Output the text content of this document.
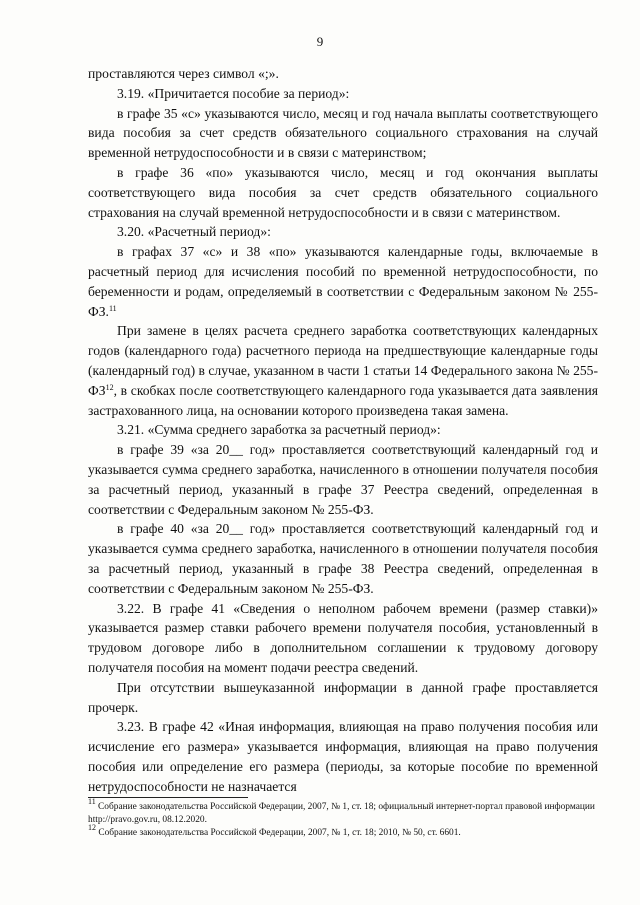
9

проставляются через символ «;».

3.19. «Причитается пособие за период»:

в графе 35 «с» указываются число, месяц и год начала выплаты соответствующего вида пособия за счет средств обязательного социального страхования на случай временной нетрудоспособности и в связи с материнством;

в графе 36 «по» указываются число, месяц и год окончания выплаты соответствующего вида пособия за счет средств обязательного социального страхования на случай временной нетрудоспособности и в связи с материнством.

3.20. «Расчетный период»:

в графах 37 «с» и 38 «по» указываются календарные годы, включаемые в расчетный период для исчисления пособий по временной нетрудоспособности, по беременности и родам, определяемый в соответствии с Федеральным законом № 255-ФЗ.$^{11}$

При замене в целях расчета среднего заработка соответствующих календарных годов (календарного года) расчетного периода на предшествующие календарные годы (календарный год) в случае, указанном в части 1 статьи 14 Федерального закона № 255-ФЗ$^{12}$, в скобках после соответствующего календарного года указывается дата заявления застрахованного лица, на основании которого произведена такая замена.

3.21. «Сумма среднего заработка за расчетный период»:

в графе 39 «за 20__ год» проставляется соответствующий календарный год и указывается сумма среднего заработка, начисленного в отношении получателя пособия за расчетный период, указанный в графе 37 Реестра сведений, определенная в соответствии с Федеральным законом № 255-ФЗ.

в графе 40 «за 20__ год» проставляется соответствующий календарный год и указывается сумма среднего заработка, начисленного в отношении получателя пособия за расчетный период, указанный в графе 38 Реестра сведений, определенная в соответствии с Федеральным законом № 255-ФЗ.

3.22. В графе 41 «Сведения о неполном рабочем времени (размер ставки)» указывается размер ставки рабочего времени получателя пособия, установленный в трудовом договоре либо в дополнительном соглашении к трудовому договору получателя пособия на момент подачи реестра сведений.

При отсутствии вышеуказанной информации в данной графе проставляется прочерк.

3.23. В графе 42 «Иная информация, влияющая на право получения пособия или исчисление его размера» указывается информация, влияющая на право получения пособия или определение его размера (периоды, за которые пособие по временной нетрудоспособности не назначается

$^{11}$ Собрание законодательства Российской Федерации, 2007, № 1, ст. 18; официальный интернет-портал правовой информации http://pravo.gov.ru, 08.12.2020.

$^{12}$ Собрание законодательства Российской Федерации, 2007, № 1, ст. 18; 2010, № 50, ст. 6601.
